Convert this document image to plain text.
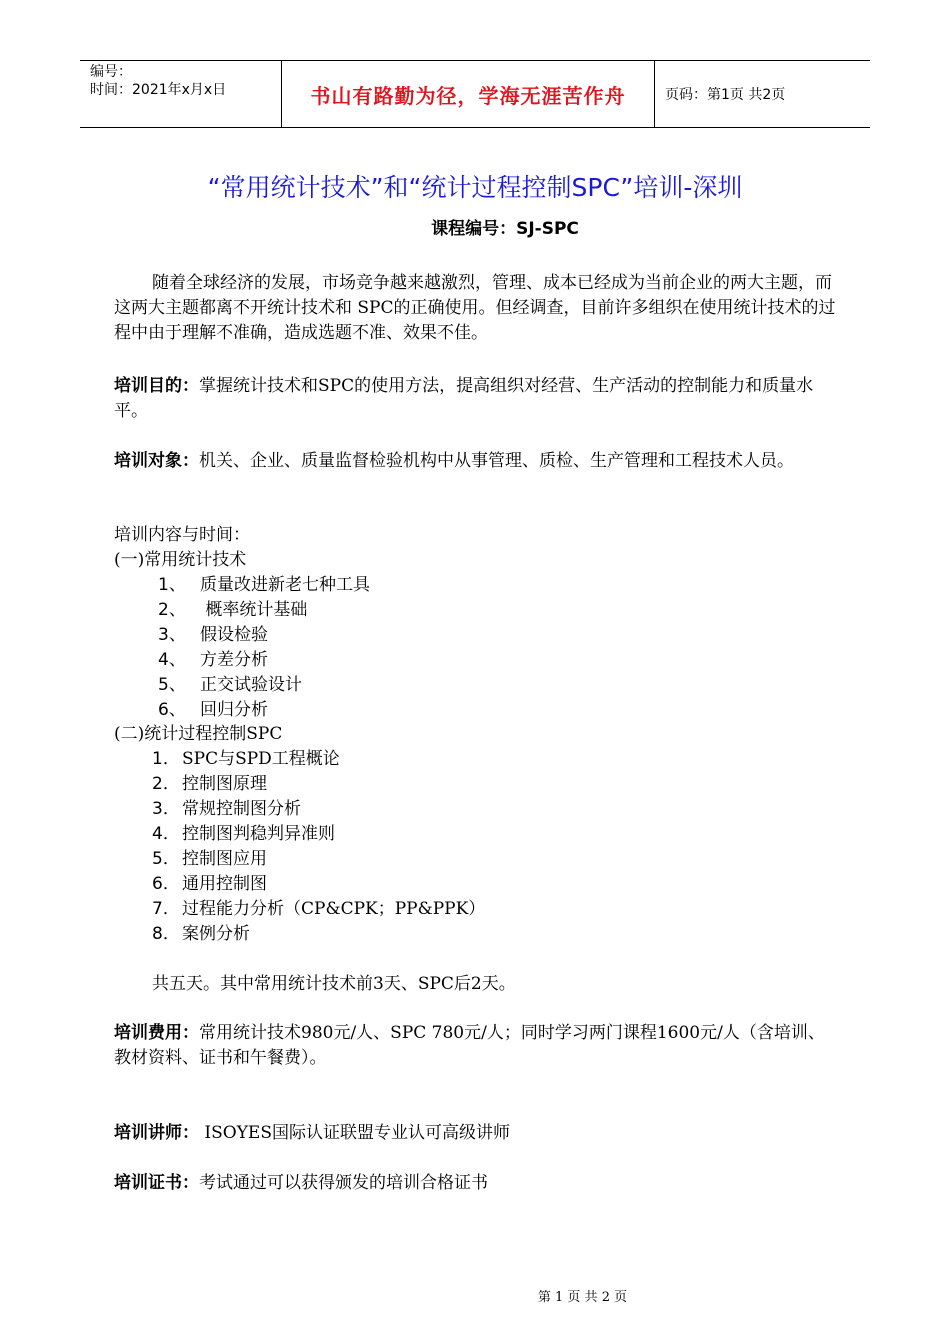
编号：
时间：2021年x月x日	书山有路勤为径，学海无涯苦作舟	页码：第1页 共2页
“常用统计技术”和“统计过程控制SPC”培训-深圳
课程编号：SJ-SPC
随着全球经济的发展，市场竞争越来越激烈，管理、成本已经成为当前企业的两大主题，而这两大主题都离不开统计技术和 SPC的正确使用。但经调查，目前许多组织在使用统计技术的过程中由于理解不准确，造成选题不准、效果不佳。
培训目的：掌握统计技术和SPC的使用方法，提高组织对经营、生产活动的控制能力和质量水平。
培训对象：机关、企业、质量监督检验机构中从事管理、质检、生产管理和工程技术人员。
培训内容与时间：
(一)常用统计技术
1、 质量改进新老七种工具
2、 概率统计基础
3、 假设检验
4、 方差分析
5、 正交试验设计
6、 回归分析
(二)统计过程控制SPC
1． SPC与SPD工程概论
2． 控制图原理
3． 常规控制图分析
4． 控制图判稳判异准则
5． 控制图应用
6． 通用控制图
7． 过程能力分析（CP&CPK；PP&PPK）
8． 案例分析
共五天。其中常用统计技术前3天、SPC后2天。
培训费用：常用统计技术980元/人、SPC 780元/人；同时学习两门课程1600元/人（含培训、教材资料、证书和午餐费）。
培训讲师： ISOYES国际认证联盟专业认可高级讲师
培训证书：考试通过可以获得颁发的培训合格证书
第 1 页 共 2 页
